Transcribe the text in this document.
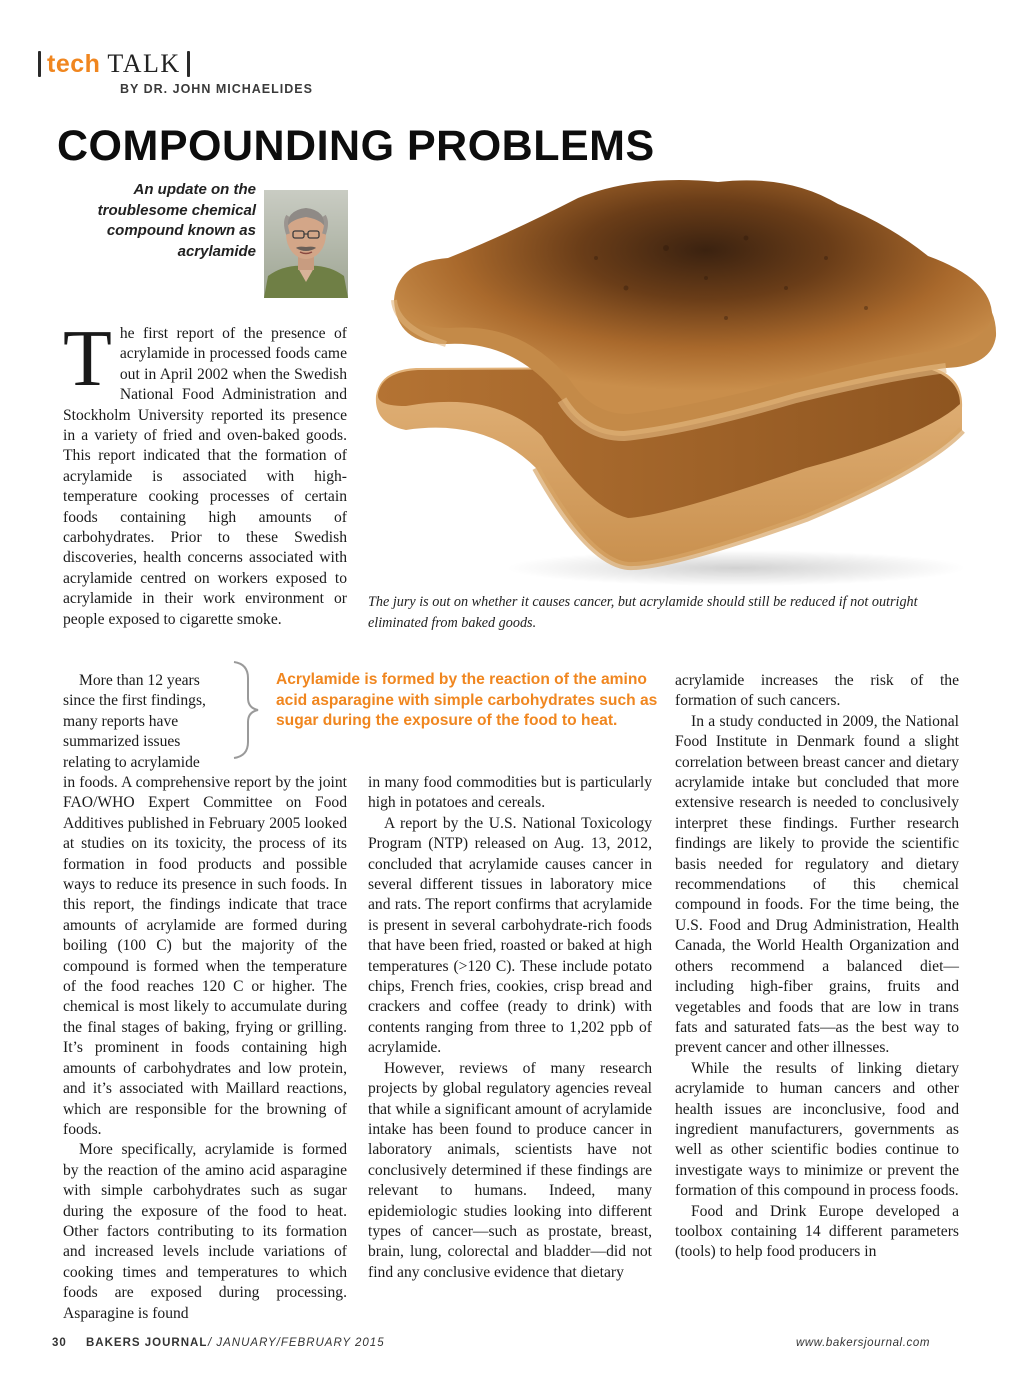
tech TALK
BY DR. JOHN MICHAELIDES
COMPOUNDING PROBLEMS
An update on the troublesome chemical compound known as acrylamide
The jury is out on whether it causes cancer, but acrylamide should still be reduced if not outright eliminated from baked goods.
T he first report of the presence of acrylamide in processed foods came out in April 2002 when the Swedish National Food Administration and Stockholm University reported its presence in a variety of fried and oven-baked goods. This report indicated that the formation of acrylamide is associated with high-temperature cooking processes of certain foods containing high amounts of carbohydrates. Prior to these Swedish discoveries, health concerns associated with acrylamide centred on workers exposed to acrylamide in their work environment or people exposed to cigarette smoke.

More than 12 years since the first findings, many reports have summarized issues relating to acrylamide

Acrylamide is formed by the reaction of the amino acid asparagine with simple carbohydrates such as sugar during the exposure of the food to heat.

in foods. A comprehensive report by the joint FAO/WHO Expert Committee on Food Additives published in February 2005 looked at studies on its toxicity, the process of its formation in food products and possible ways to reduce its presence in such foods. In this report, the findings indicate that trace amounts of acrylamide are formed during boiling (100 C) but the majority of the compound is formed when the temperature of the food reaches 120 C or higher. The chemical is most likely to accumulate during the final stages of baking, frying or grilling. It’s prominent in foods containing high amounts of carbohydrates and low protein, and it’s associated with Maillard reactions, which are responsible for the browning of foods.

More specifically, acrylamide is formed by the reaction of the amino acid asparagine with simple carbohydrates such as sugar during the exposure of the food to heat. Other factors contributing to its formation and increased levels include variations of cooking times and temperatures to which foods are exposed during processing. Asparagine is found

in many food commodities but is particularly high in potatoes and cereals.

A report by the U.S. National Toxicology Program (NTP) released on Aug. 13, 2012, concluded that acrylamide causes cancer in several different tissues in laboratory mice and rats. The report confirms that acrylamide is present in several carbohydrate-rich foods that have been fried, roasted or baked at high temperatures (>120 C). These include potato chips, French fries, cookies, crisp bread and crackers and coffee (ready to drink) with contents ranging from three to 1,202 ppb of acrylamide.

However, reviews of many research projects by global regulatory agencies reveal that while a significant amount of acrylamide intake has been found to produce cancer in laboratory animals, scientists have not conclusively determined if these findings are relevant to humans. Indeed, many epidemiologic studies looking into different types of cancer—such as prostate, breast, brain, lung, colorectal and bladder—did not find any conclusive evidence that dietary

acrylamide increases the risk of the formation of such cancers.

In a study conducted in 2009, the National Food Institute in Denmark found a slight correlation between breast cancer and dietary acrylamide intake but concluded that more extensive research is needed to conclusively interpret these findings. Further research findings are likely to provide the scientific basis needed for regulatory and dietary recommendations of this chemical compound in foods. For the time being, the U.S. Food and Drug Administration, Health Canada, the World Health Organization and others recommend a balanced diet—including high-fiber grains, fruits and vegetables and foods that are low in trans fats and saturated fats—as the best way to prevent cancer and other illnesses.

While the results of linking dietary acrylamide to human cancers and other health issues are inconclusive, food and ingredient manufacturers, governments as well as other scientific bodies continue to investigate ways to minimize or prevent the formation of this compound in process foods.

Food and Drink Europe developed a toolbox containing 14 different parameters (tools) to help food producers in

30 BAKERS JOURNAL / JANUARY/FEBRUARY 2015	www.bakersjournal.com
